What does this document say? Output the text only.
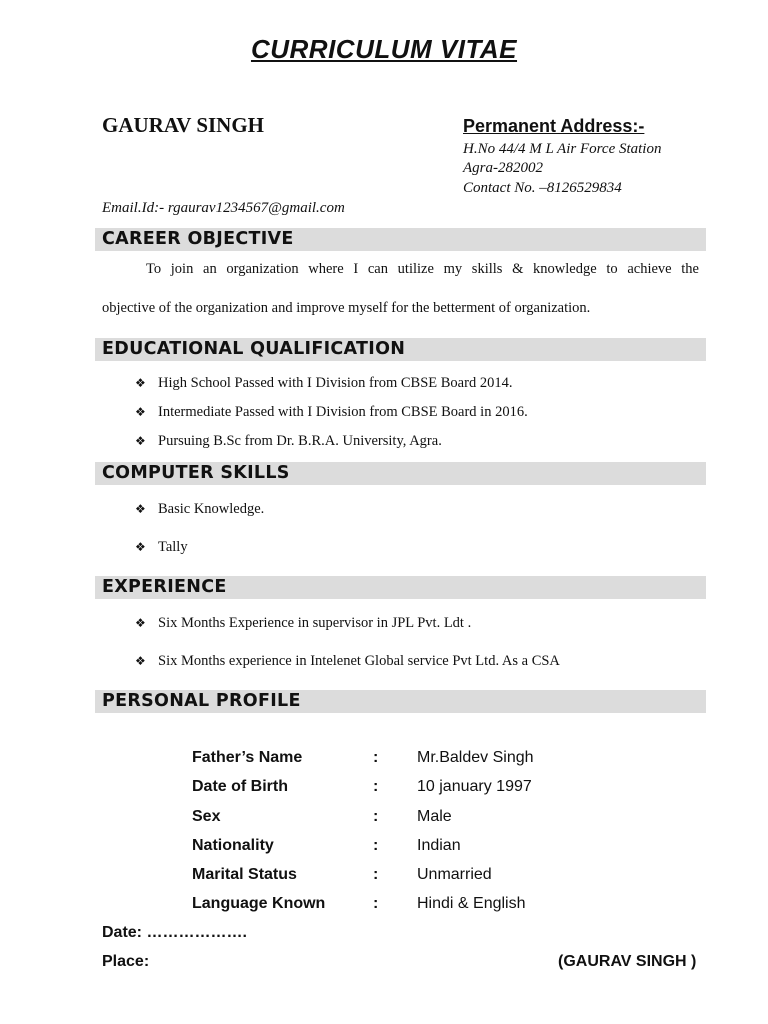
CURRICULUM VITAE
GAURAV SINGH	Permanent Address:-
H.No 44/4 M L Air Force Station
Agra-282002
Contact No. –8126529834
Email.Id:- rgaurav1234567@gmail.com
CAREER OBJECTIVE
To join an organization where I can utilize my skills & knowledge to achieve the
objective of the organization and improve myself for the betterment of organization.
EDUCATIONAL QUALIFICATION
❖ High School Passed with I Division from CBSE Board 2014.
❖ Intermediate Passed with I Division from CBSE Board in 2016.
❖ Pursuing B.Sc from Dr. B.R.A. University, Agra.
COMPUTER SKILLS
❖ Basic Knowledge.
❖ Tally
EXPERIENCE
❖ Six Months Experience in supervisor in JPL Pvt. Ldt .
❖ Six Months experience in Intelenet Global service Pvt Ltd. As a CSA
PERSONAL PROFILE
Father’s Name	: Mr.Baldev Singh
Date of Birth	: 10 january 1997
Sex	: Male
Nationality	: Indian
Marital Status	: Unmarried
Language Known	: Hindi & English
Date: ……………….
Place:	(GAURAV SINGH )
